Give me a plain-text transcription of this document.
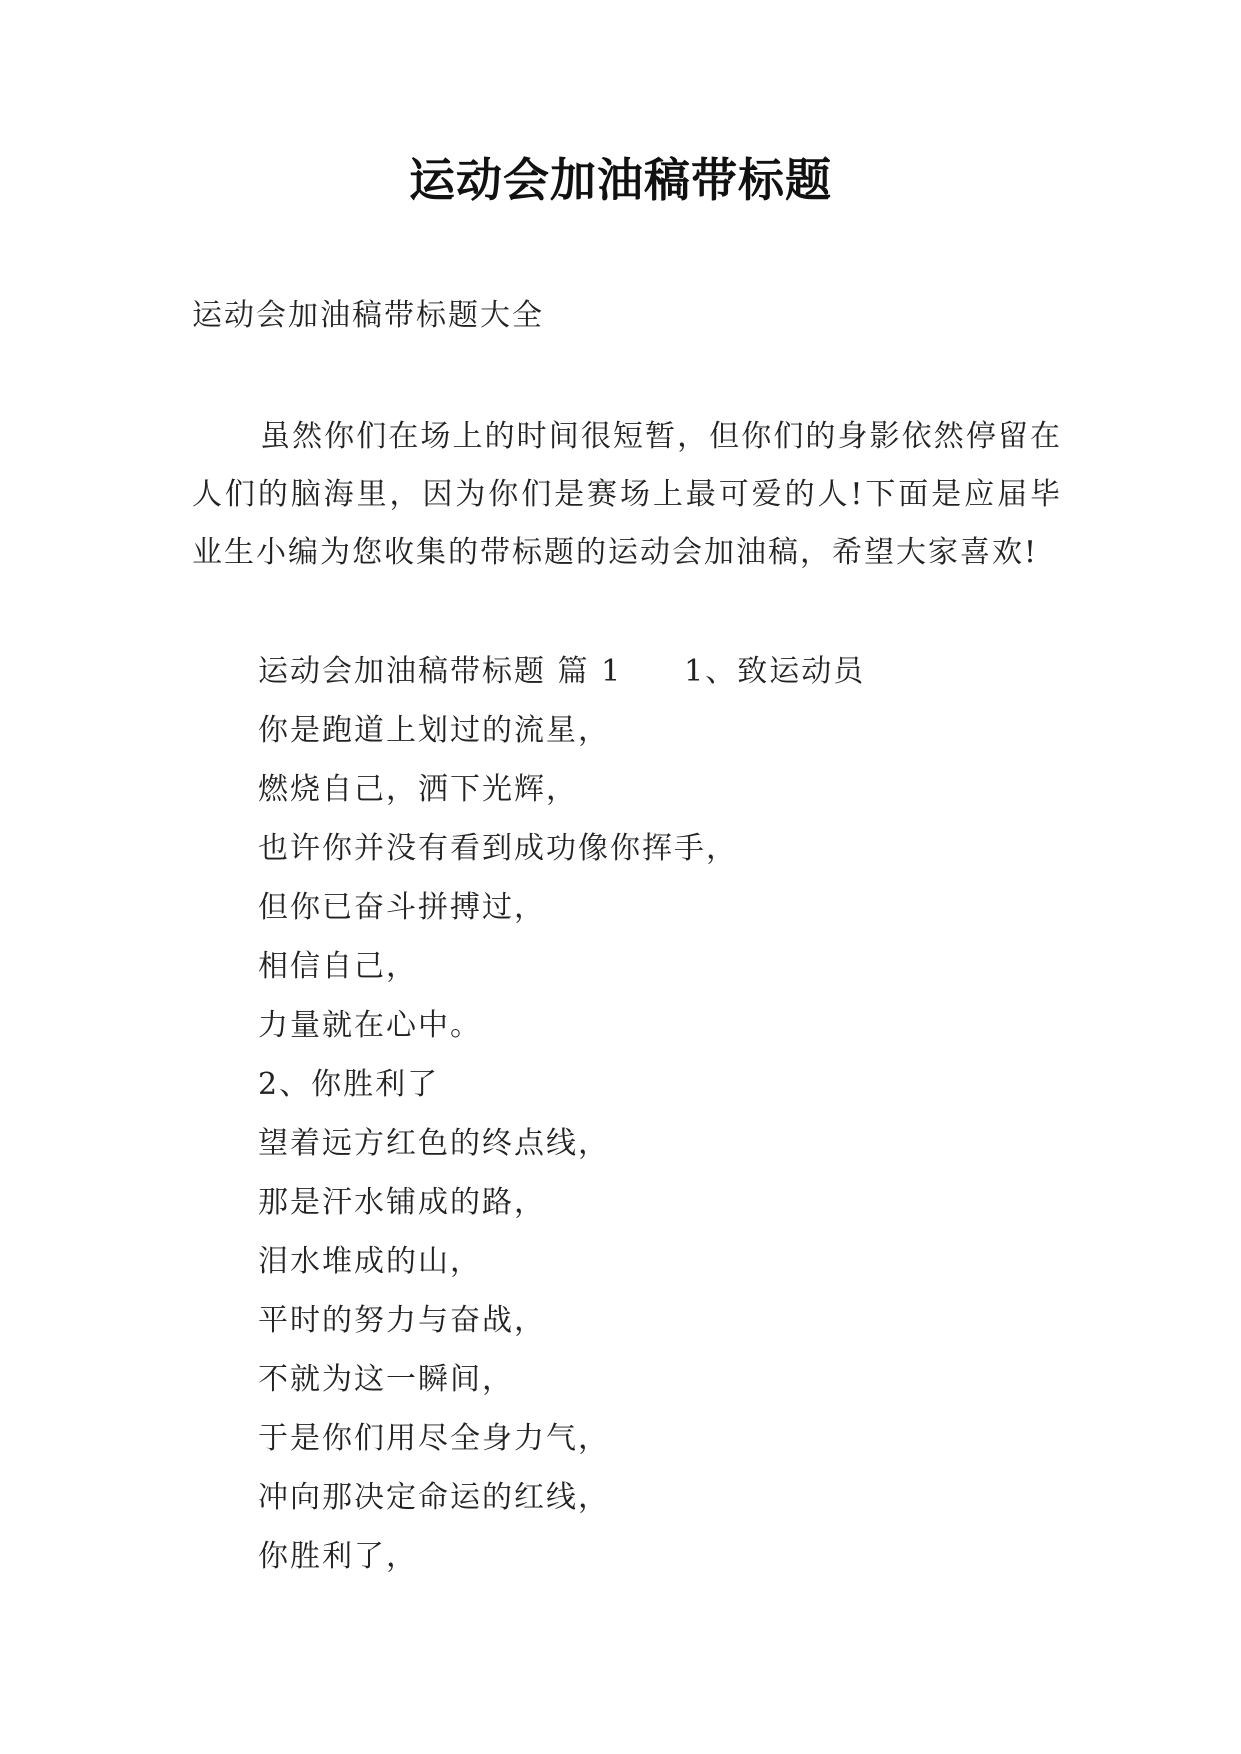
运动会加油稿带标题
运动会加油稿带标题大全

虽然你们在场上的时间很短暂，但你们的身影依然停留在人们的脑海里，因为你们是赛场上最可爱的人!下面是应届毕业生小编为您收集的带标题的运动会加油稿，希望大家喜欢!

运动会加油稿带标题 篇 1 1、致运动员
你是跑道上划过的流星，
燃烧自己，洒下光辉，
也许你并没有看到成功像你挥手，
但你已奋斗拼搏过，
相信自己，
力量就在心中。
2、你胜利了
望着远方红色的终点线，
那是汗水铺成的路，
泪水堆成的山，
平时的努力与奋战，
不就为这一瞬间，
于是你们用尽全身力气，
冲向那决定命运的红线，
你胜利了，
